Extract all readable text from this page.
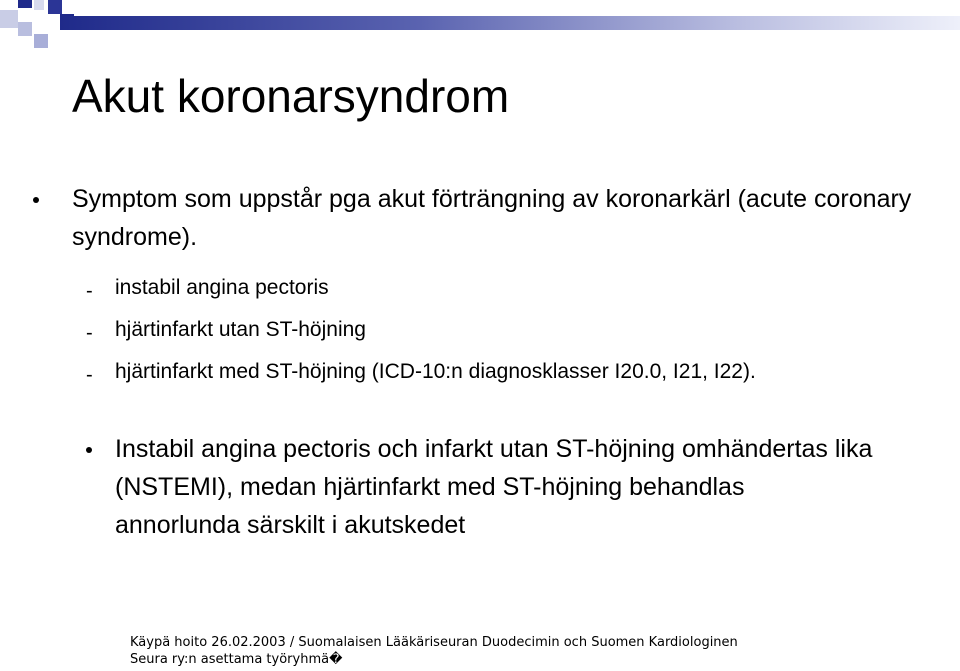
Akut koronarsyndrom
Symptom som uppstår pga akut förträngning av koronarkärl (acute coronary syndrome).
- instabil angina pectoris
- hjärtinfarkt utan ST-höjning
- hjärtinfarkt med ST-höjning (ICD-10:n diagnosklasser I20.0, I21, I22).
Instabil angina pectoris och infarkt utan ST-höjning omhändertas lika (NSTEMI), medan hjärtinfarkt med ST-höjning behandlas annorlunda särskilt i akutskedet
Käypä hoito 26.02.2003 / Suomalaisen Lääkäriseuran Duodecimin och Suomen Kardiologinen
Seura ry:n asettama työryhmä�
